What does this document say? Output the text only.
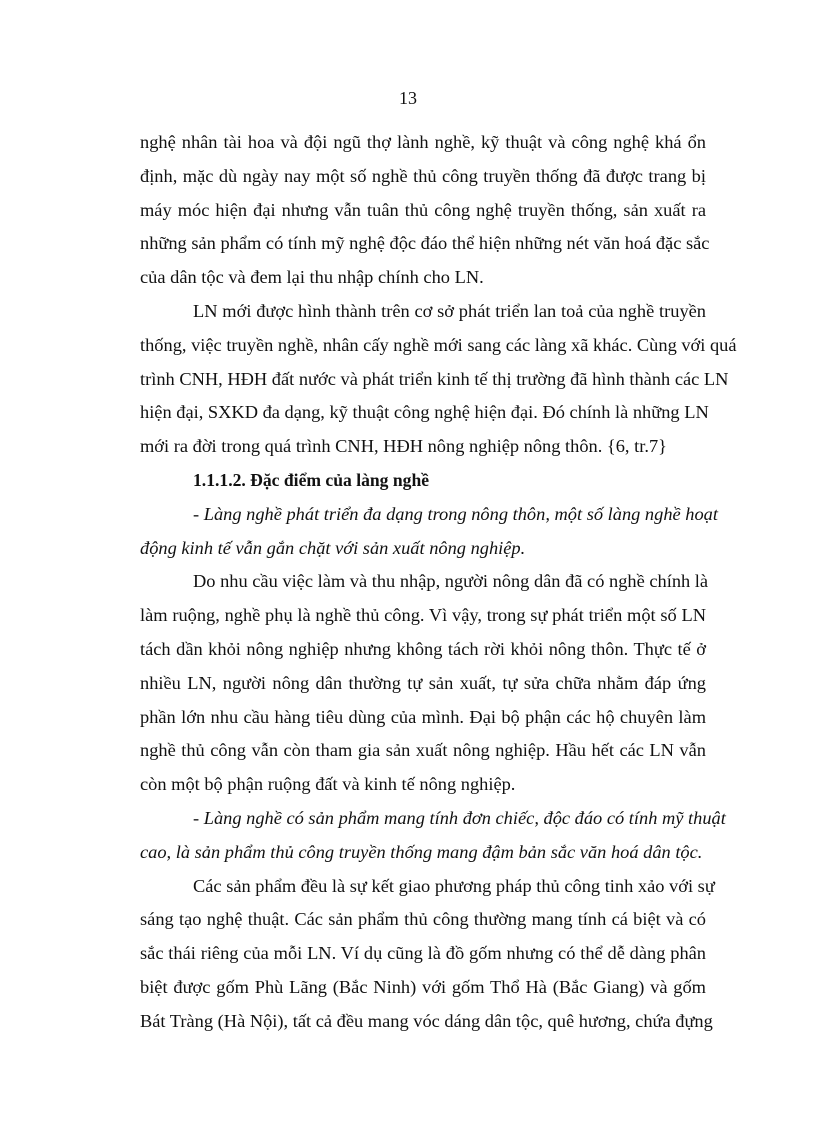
13
nghệ nhân tài hoa và đội ngũ thợ lành nghề, kỹ thuật và công nghệ khá ổn
định, mặc dù ngày nay một số nghề thủ công truyền thống đã được trang bị
máy móc hiện đại nhưng vẫn tuân thủ công nghệ truyền thống, sản xuất ra
những sản phẩm có tính mỹ nghệ độc đáo thể hiện những nét văn hoá đặc sắc
của dân tộc và đem lại thu nhập chính cho LN.
LN mới được hình thành trên cơ sở phát triển lan toả của nghề truyền
thống, việc truyền nghề, nhân cấy nghề mới sang các làng xã khác. Cùng với quá
trình CNH, HĐH đất nước và phát triển kinh tế thị trường đã hình thành các LN
hiện đại, SXKD đa dạng, kỹ thuật công nghệ hiện đại. Đó chính là những LN
mới ra đời trong quá trình CNH, HĐH nông nghiệp nông thôn. {6, tr.7}
1.1.1.2. Đặc điểm của làng nghề
- Làng nghề phát triển đa dạng trong nông thôn, một số làng nghề hoạt
động kinh tế vẫn gắn chặt với sản xuất nông nghiệp.
Do nhu cầu việc làm và thu nhập, người nông dân đã có nghề chính là
làm ruộng, nghề phụ là nghề thủ công. Vì vậy, trong sự phát triển một số LN
tách dần khỏi nông nghiệp nhưng không tách rời khỏi nông thôn. Thực tế ở
nhiều LN, người nông dân thường tự sản xuất, tự sửa chữa nhằm đáp ứng
phần lớn nhu cầu hàng tiêu dùng của mình. Đại bộ phận các hộ chuyên làm
nghề thủ công vẫn còn tham gia sản xuất nông nghiệp. Hầu hết các LN vẫn
còn một bộ phận ruộng đất và kinh tế nông nghiệp.
- Làng nghề có sản phẩm mang tính đơn chiếc, độc đáo có tính mỹ thuật
cao, là sản phẩm thủ công truyền thống mang đậm bản sắc văn hoá dân tộc.
Các sản phẩm đều là sự kết giao phương pháp thủ công tinh xảo với sự
sáng tạo nghệ thuật. Các sản phẩm thủ công thường mang tính cá biệt và có
sắc thái riêng của mỗi LN. Ví dụ cũng là đồ gốm nhưng có thể dễ dàng phân
biệt được gốm Phù Lãng (Bắc Ninh) với gốm Thổ Hà (Bắc Giang) và gốm
Bát Tràng (Hà Nội), tất cả đều mang vóc dáng dân tộc, quê hương, chứa đựng
